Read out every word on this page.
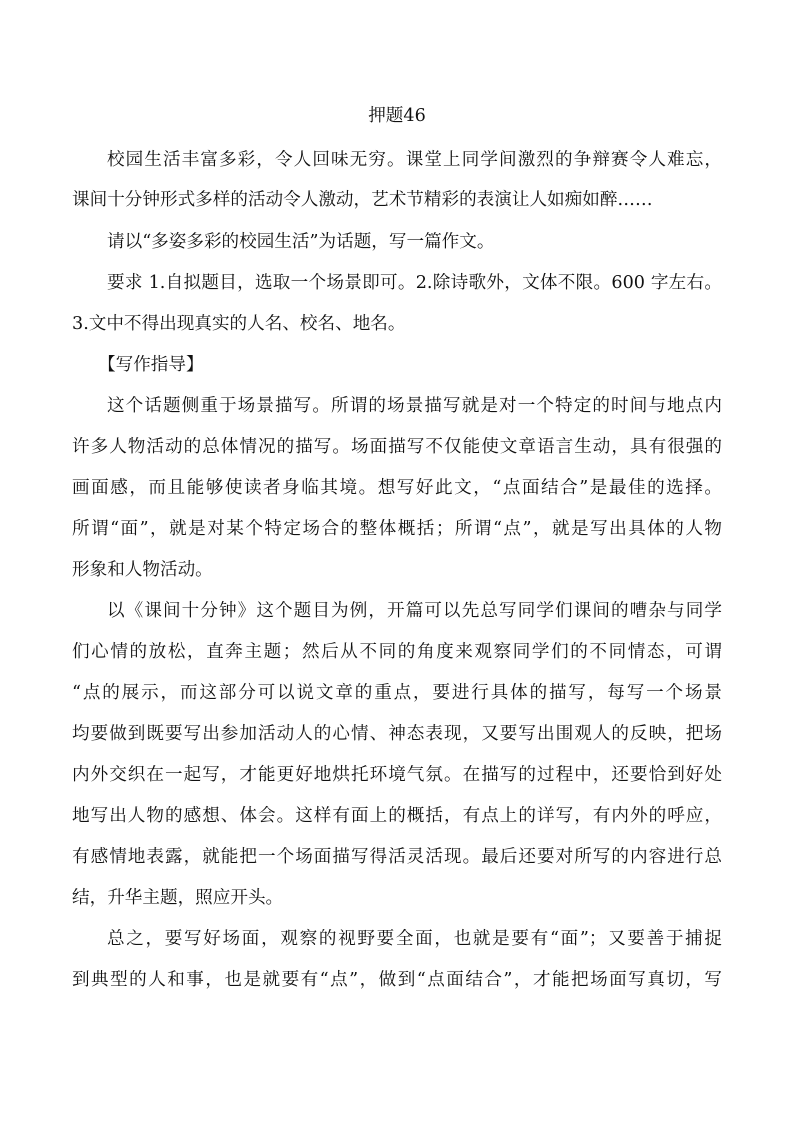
押题46
校园生活丰富多彩，令人回味无穷。课堂上同学间激烈的争辩赛令人难忘，
课间十分钟形式多样的活动令人激动，艺术节精彩的表演让人如痴如醉……
请以“多姿多彩的校园生活”为话题，写一篇作文。
要求 1.自拟题目，选取一个场景即可。2.除诗歌外，文体不限。600 字左右。
3.文中不得出现真实的人名、校名、地名。
【写作指导】
这个话题侧重于场景描写。所谓的场景描写就是对一个特定的时间与地点内
许多人物活动的总体情况的描写。场面描写不仅能使文章语言生动，具有很强的
画面感，而且能够使读者身临其境。想写好此文，“点面结合”是最佳的选择。
所谓“面”，就是对某个特定场合的整体概括；所谓“点”，就是写出具体的人物
形象和人物活动。
以《课间十分钟》这个题目为例，开篇可以先总写同学们课间的嘈杂与同学
们心情的放松，直奔主题；然后从不同的角度来观察同学们的不同情态，可谓
“点的展示，而这部分可以说文章的重点，要进行具体的描写，每写一个场景
均要做到既要写出参加活动人的心情、神态表现，又要写出围观人的反映，把场
内外交织在一起写，才能更好地烘托环境气氛。在描写的过程中，还要恰到好处
地写出人物的感想、体会。这样有面上的概括，有点上的详写，有内外的呼应，
有感情地表露，就能把一个场面描写得活灵活现。最后还要对所写的内容进行总
结，升华主题，照应开头。
总之，要写好场面，观察的视野要全面，也就是要有“面”；又要善于捕捉
到典型的人和事，也是就要有“点”，做到“点面结合”，才能把场面写真切，写
